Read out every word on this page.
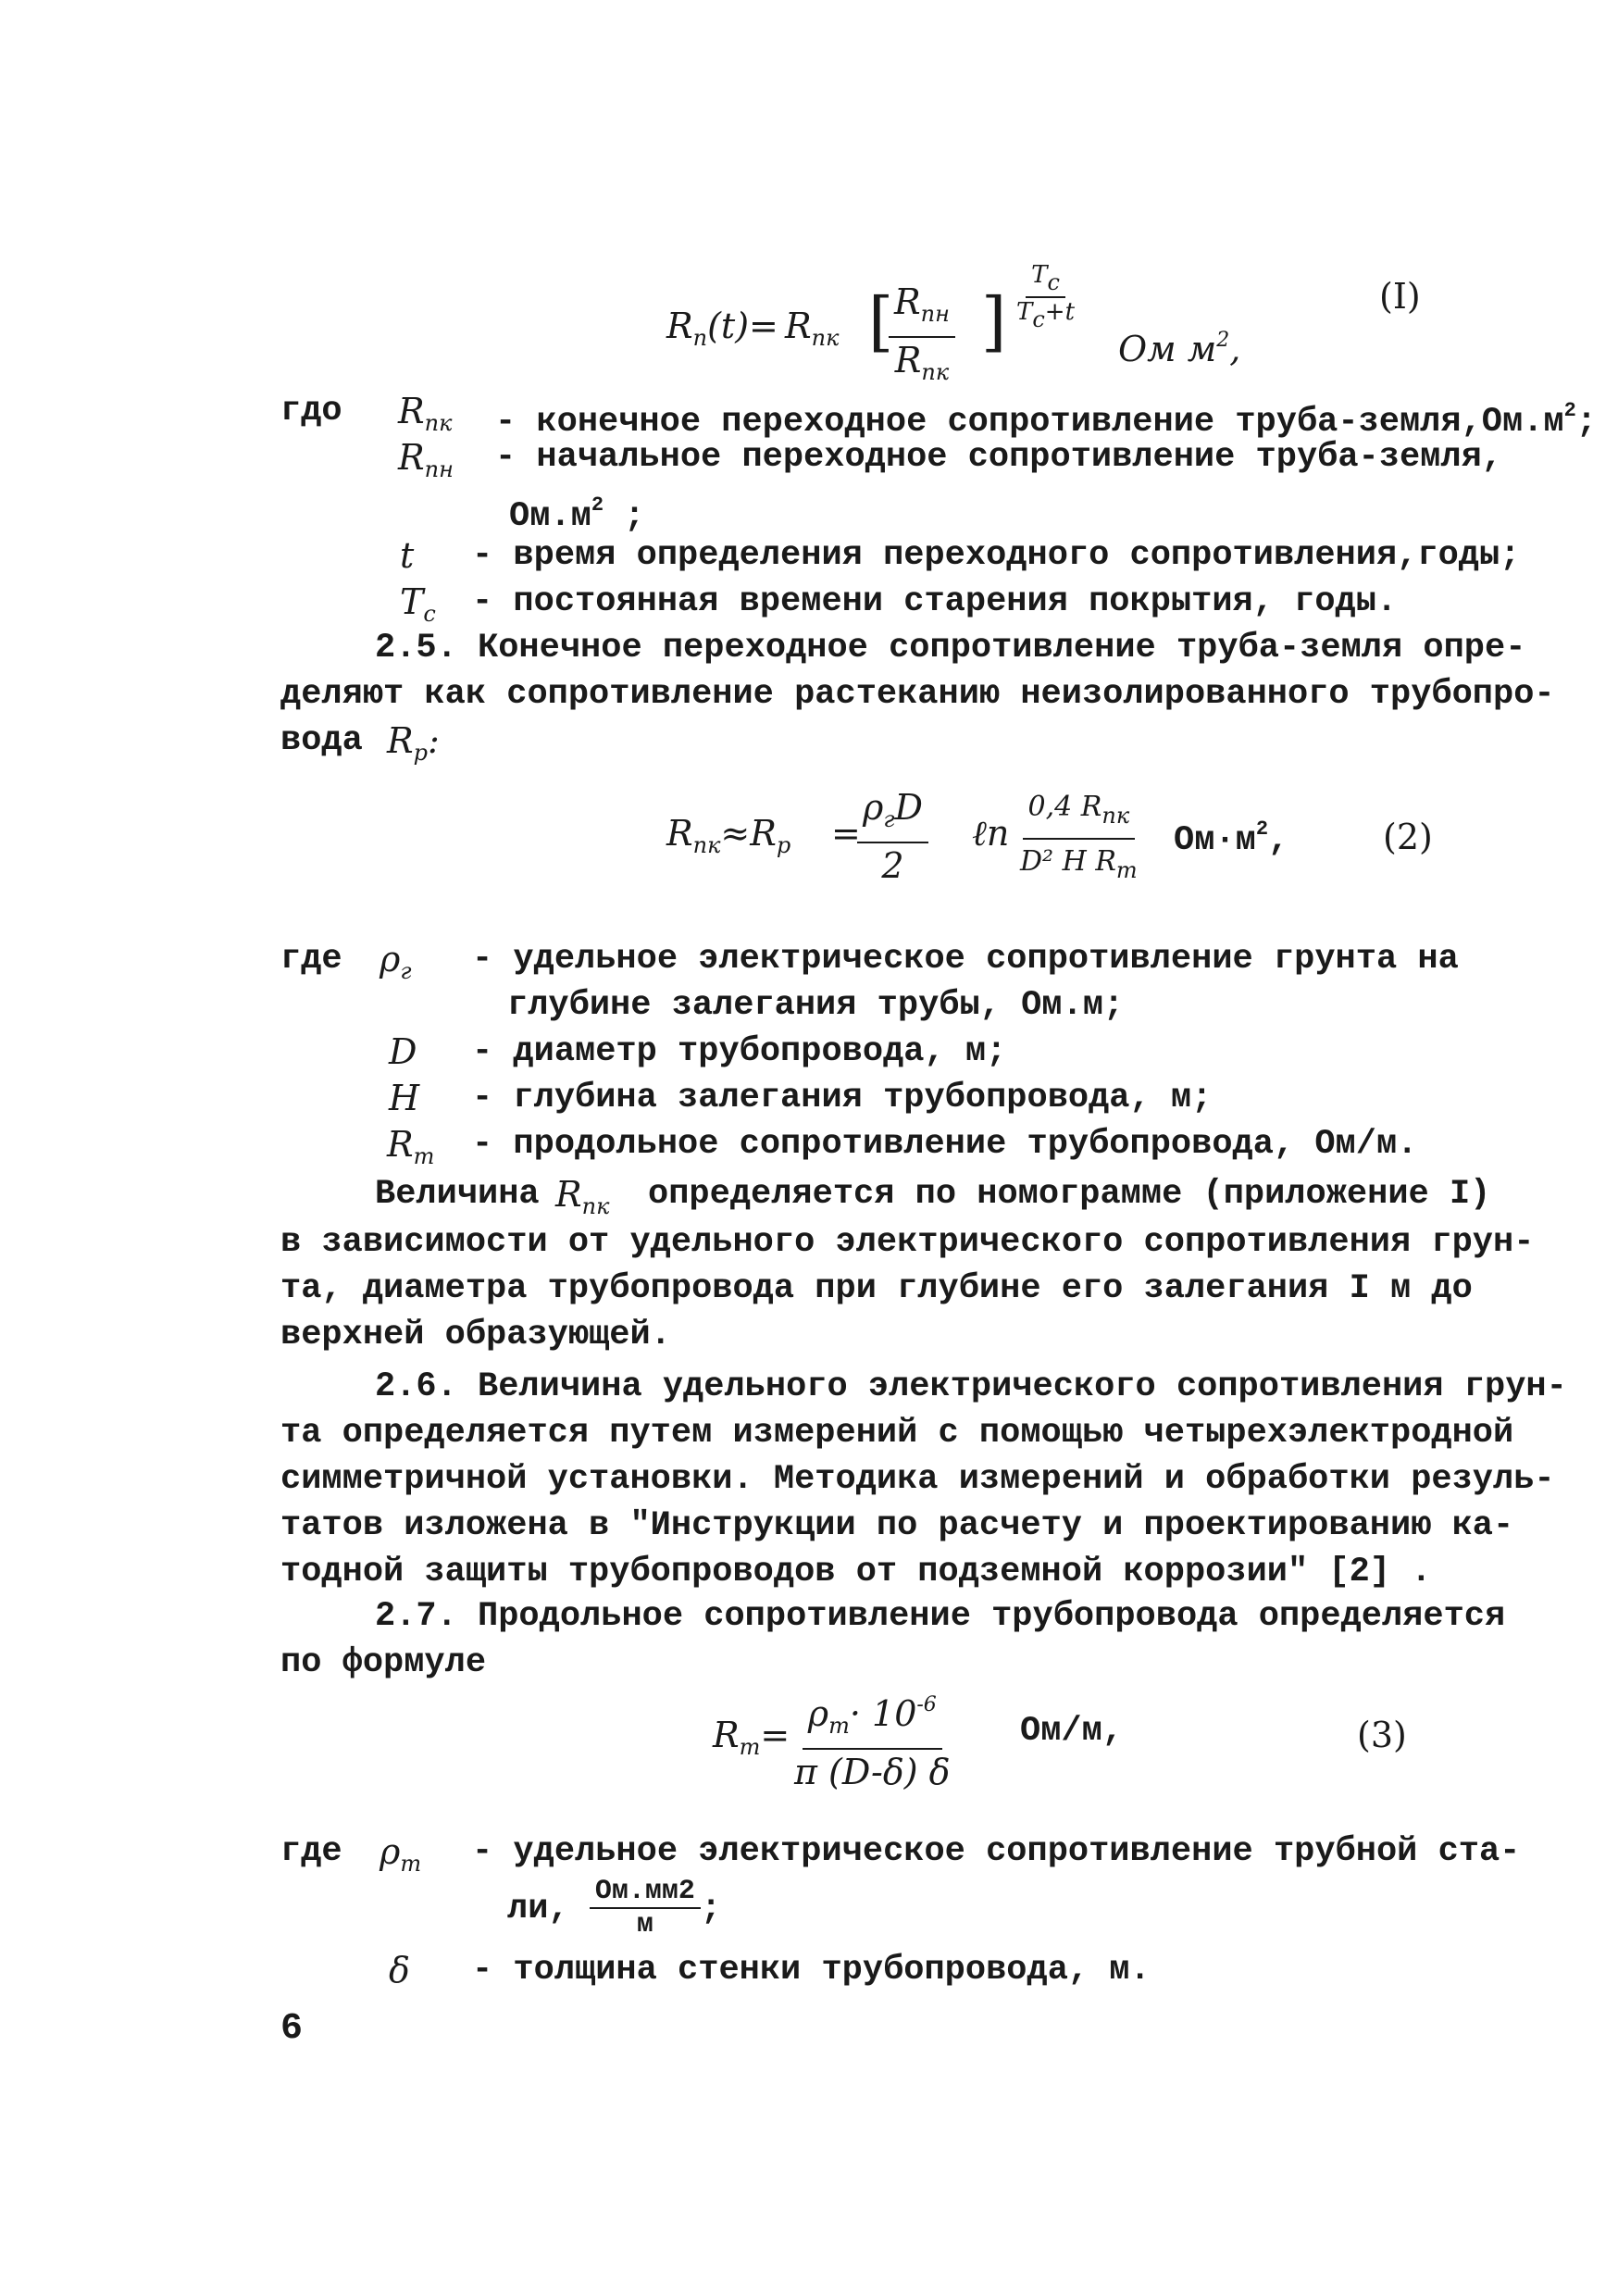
$R_п(t)= R_{пк}$ [
$\frac{R_{пн}}{R_{пк}}$ ] $\frac{Tc}{Tc+t}$
Ом $м^2$,
(I)
гдо $R_{пк}$ - конечное переходное сопротивление труба-$земля,Ом.м^2$;
$R_{пн}$ - начальное переходное сопротивление труба-земля,
$Ом.м^2$ ;
t - время определения переходного сопротивления,годы;
$T_c$ - постоянная времени старения покрытия, годы.
2.5. Конечное переходное сопротивление труба-земля опре-
деляют как сопротивление растеканию неизолированного трубопро-
вода $R_р$:
$R_{пк}\approx R_р$ =
$\frac{\rho_гD}{2}$ ℓn $\frac{0,4 R_{пк}}{D^2 H R_т} Ом\cdot м^2$,	(2)
где $\rho_г$ - удельное электрическое сопротивление грунта на
глубине залегания трубы, Ом.м;
D - диаметр трубопровода, м;
H - глубина залегания трубопровода, м;
$R_т$ - продольное сопротивление трубопровода, Ом/м.
Величина $R_{пк}$ определяется по номограмме (приложение I)
в зависимости от удельного электрического сопротивления грун-
та, диаметра трубопровода при глубине его залегания I м до
верхней образующей.
2.6. Величина удельного электрического сопротивления грун-
та определяется путем измерений с помощью четырехэлектродной
симметричной установки. Методика измерений и обработки резуль-
татов изложена в "Инструкции по расчету и проектированию ка-
тодной защиты трубопроводов от подземной коррозии" [2] .
2.7. Продольное сопротивление трубопровода определяется
по формуле
$R_т=$
$\frac{\rho_т\cdot 10^{-6}}{\pi (D-\delta) \delta} Ом/м$,	(3)
где $\rho_т$ - удельное электрическое сопротивление трубной ста-
ли, $\frac{Ом.мм2}{м}$ ;
δ - толщина стенки трубопровода, м.
6
